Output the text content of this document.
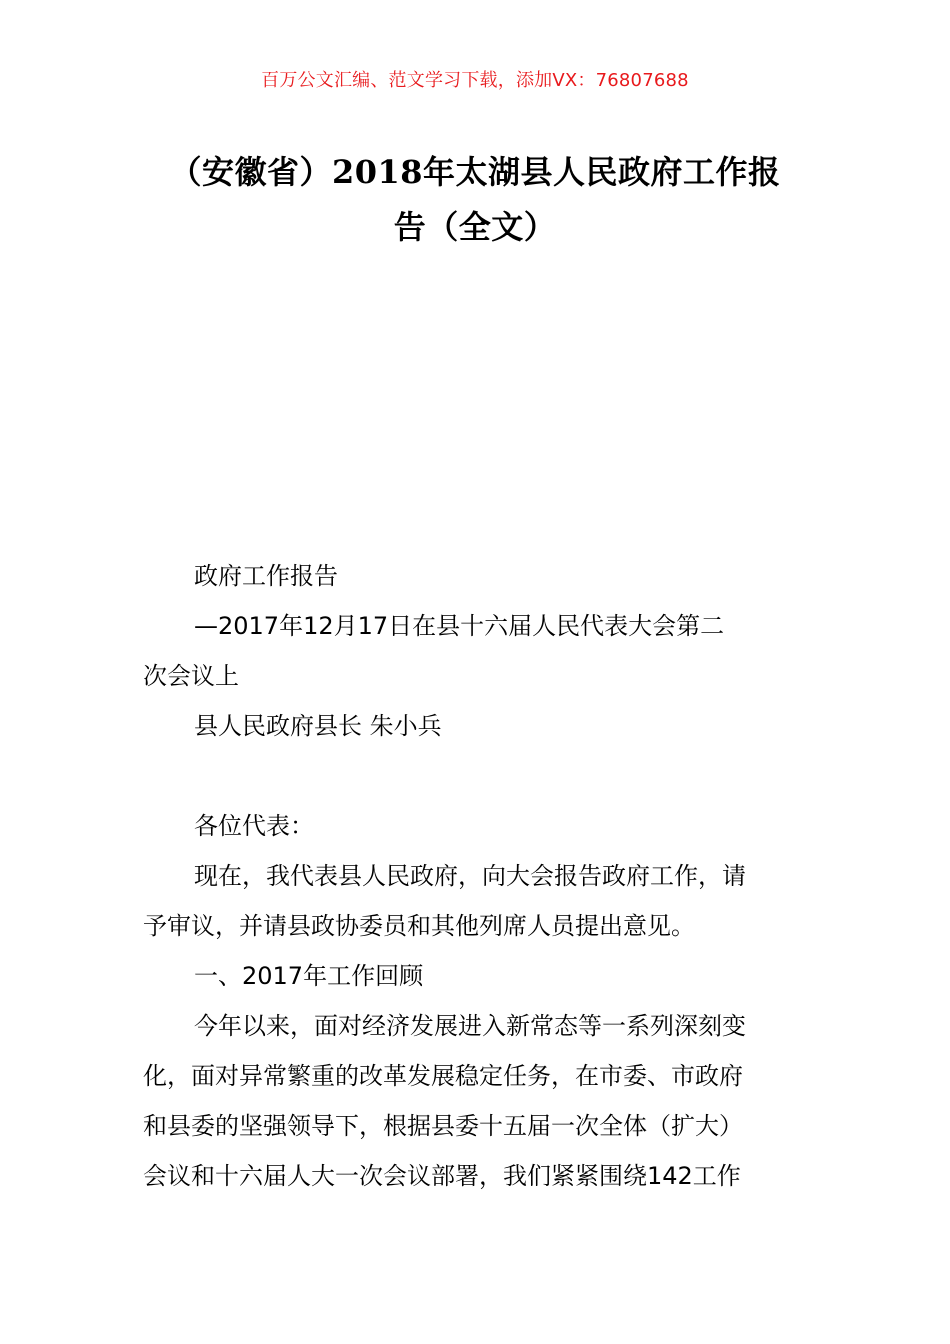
百万公文汇编、范文学习下载，添加VX：76807688
（安徽省）2018年太湖县人民政府工作报
告（全文）

政府工作报告

—2017年12月17日在县十六届人民代表大会第二
次会议上

县人民政府县长 朱小兵

各位代表：

现在，我代表县人民政府，向大会报告政府工作，请
予审议，并请县政协委员和其他列席人员提出意见。

一、2017年工作回顾

今年以来，面对经济发展进入新常态等一系列深刻变
化，面对异常繁重的改革发展稳定任务，在市委、市政府
和县委的坚强领导下，根据县委十五届一次全体（扩大）
会议和十六届人大一次会议部署，我们紧紧围绕142工作
